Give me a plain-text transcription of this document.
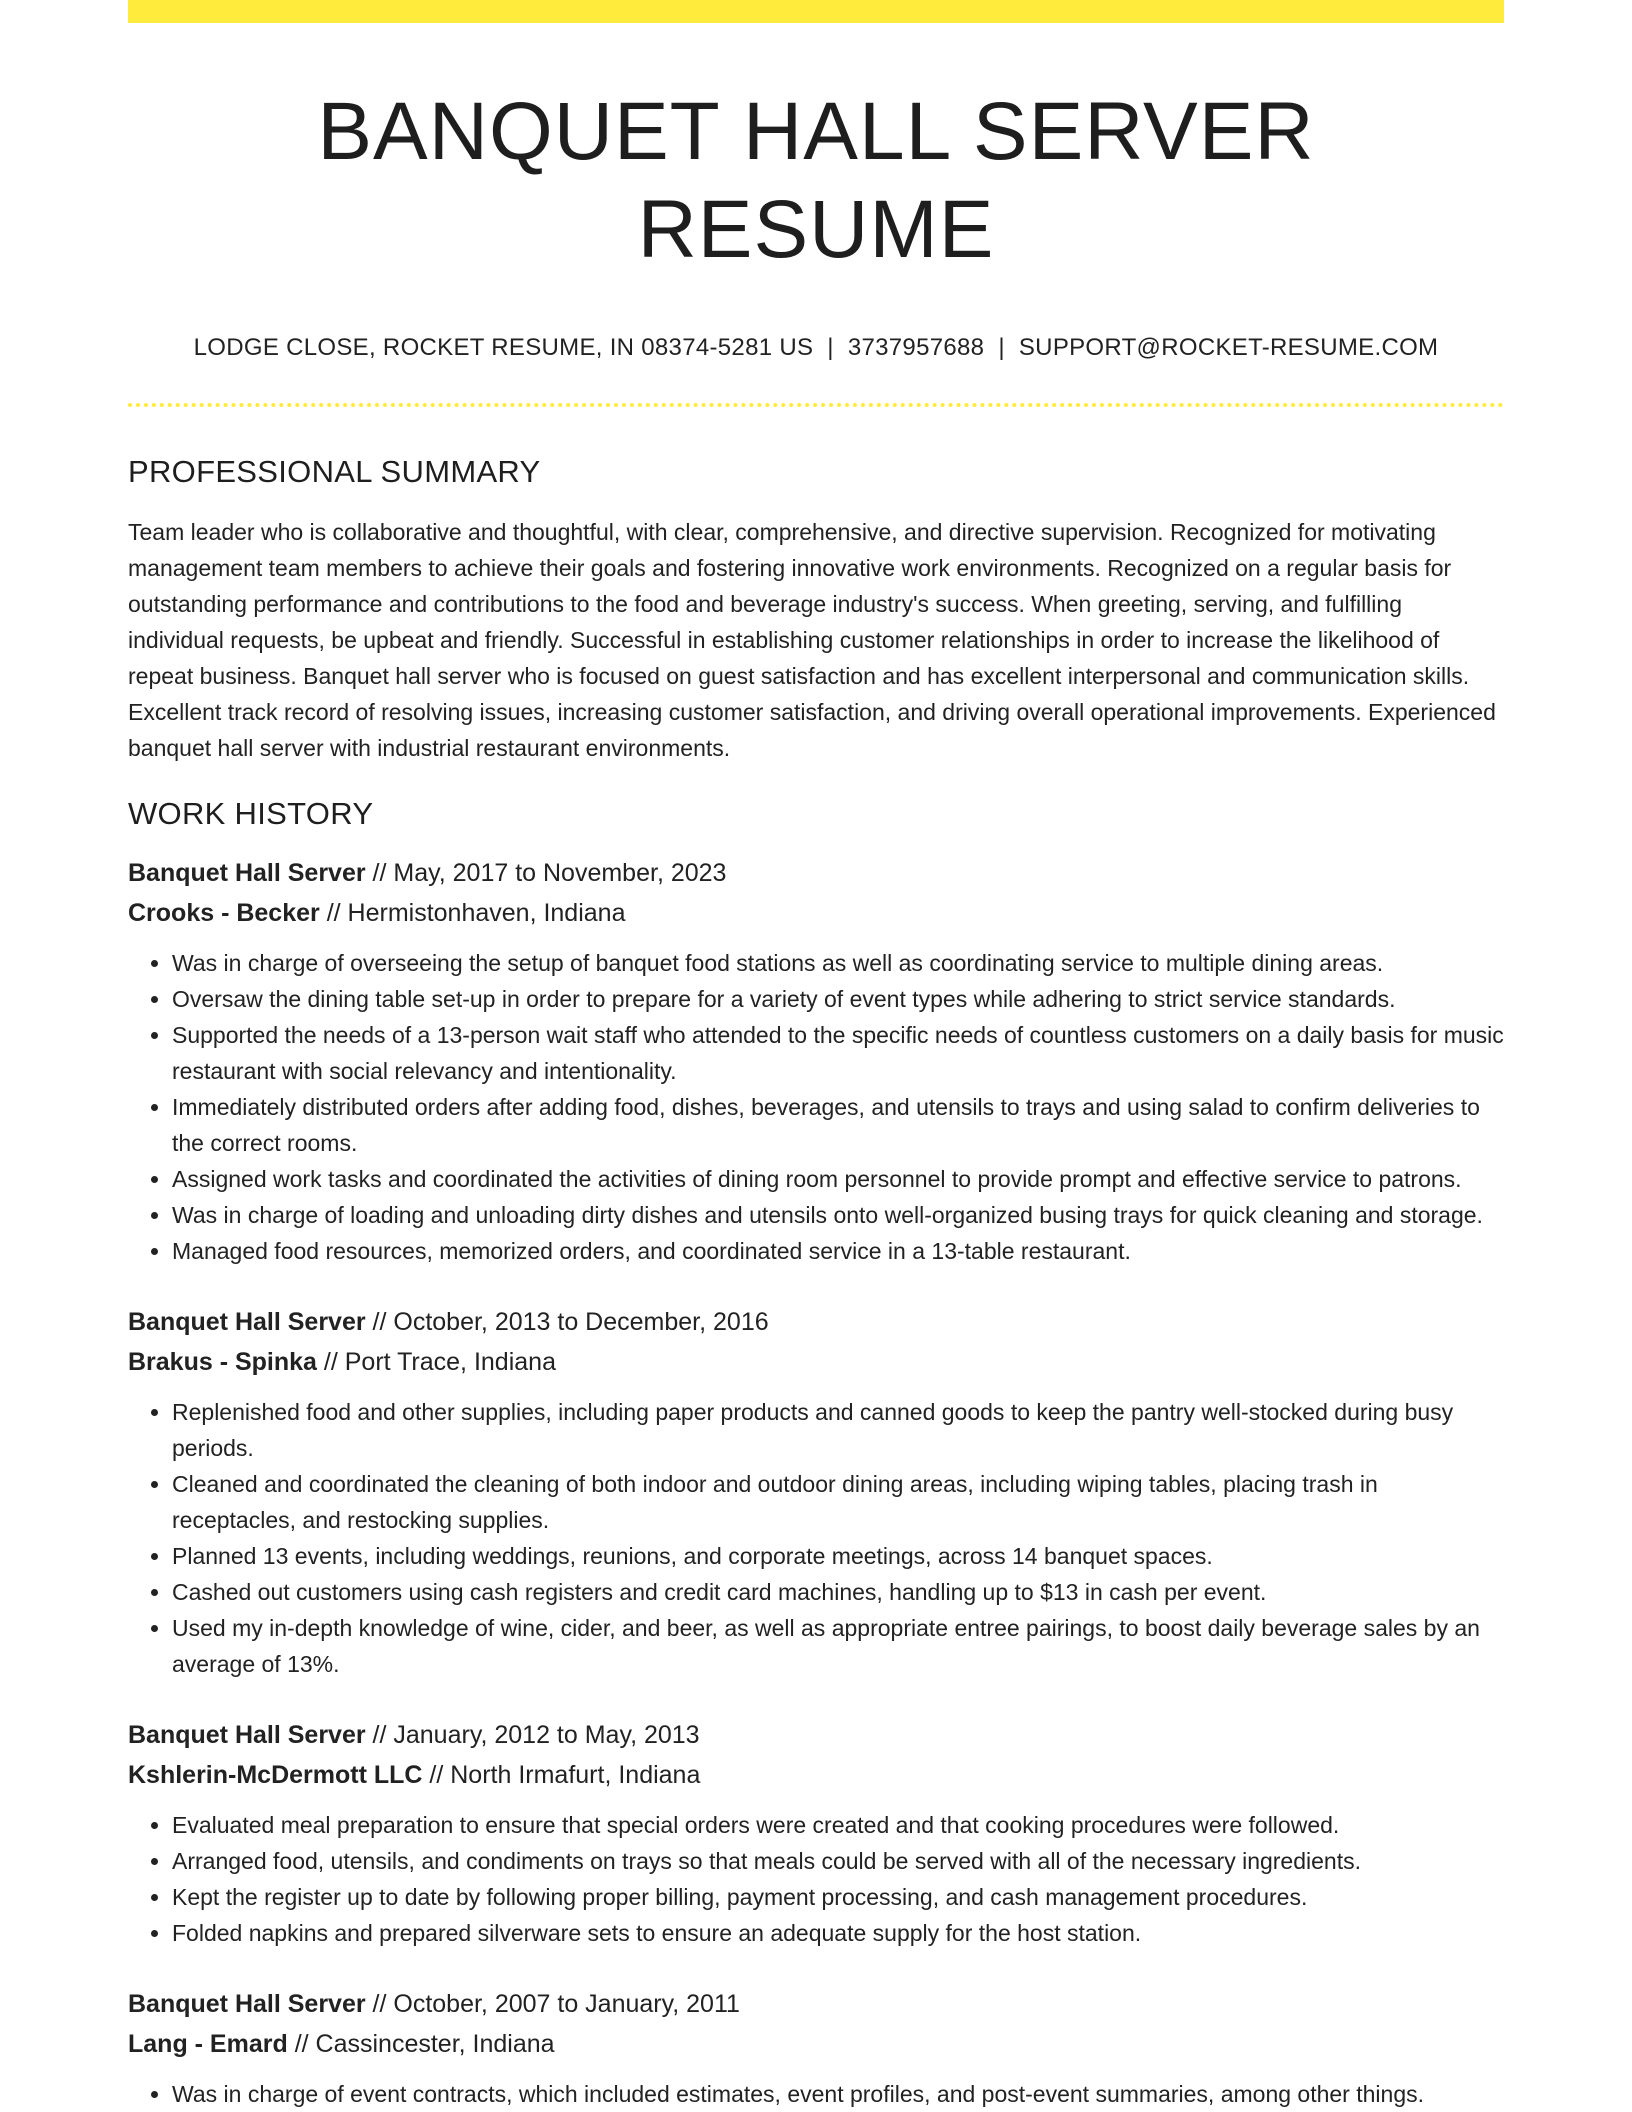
BANQUET HALL SERVER RESUME
LODGE CLOSE, ROCKET RESUME, IN 08374-5281 US | 3737957688 | SUPPORT@ROCKET-RESUME.COM
PROFESSIONAL SUMMARY

Team leader who is collaborative and thoughtful, with clear, comprehensive, and directive supervision. Recognized for motivating management team members to achieve their goals and fostering innovative work environments. Recognized on a regular basis for outstanding performance and contributions to the food and beverage industry's success. When greeting, serving, and fulfilling individual requests, be upbeat and friendly. Successful in establishing customer relationships in order to increase the likelihood of repeat business. Banquet hall server who is focused on guest satisfaction and has excellent interpersonal and communication skills. Excellent track record of resolving issues, increasing customer satisfaction, and driving overall operational improvements. Experienced banquet hall server with industrial restaurant environments.

WORK HISTORY
Banquet Hall Server // May, 2017 to November, 2023
Crooks - Becker // Hermistonhaven, Indiana
• Was in charge of overseeing the setup of banquet food stations as well as coordinating service to multiple dining areas.
• Oversaw the dining table set-up in order to prepare for a variety of event types while adhering to strict service standards.
• Supported the needs of a 13-person wait staff who attended to the specific needs of countless customers on a daily basis for music restaurant with social relevancy and intentionality.
• Immediately distributed orders after adding food, dishes, beverages, and utensils to trays and using salad to confirm deliveries to the correct rooms.
• Assigned work tasks and coordinated the activities of dining room personnel to provide prompt and effective service to patrons.
• Was in charge of loading and unloading dirty dishes and utensils onto well-organized busing trays for quick cleaning and storage.
• Managed food resources, memorized orders, and coordinated service in a 13-table restaurant.
Banquet Hall Server // October, 2013 to December, 2016
Brakus - Spinka // Port Trace, Indiana
• Replenished food and other supplies, including paper products and canned goods to keep the pantry well-stocked during busy periods.
• Cleaned and coordinated the cleaning of both indoor and outdoor dining areas, including wiping tables, placing trash in receptacles, and restocking supplies.
• Planned 13 events, including weddings, reunions, and corporate meetings, across 14 banquet spaces.
• Cashed out customers using cash registers and credit card machines, handling up to $13 in cash per event.
• Used my in-depth knowledge of wine, cider, and beer, as well as appropriate entree pairings, to boost daily beverage sales by an average of 13%.
Banquet Hall Server // January, 2012 to May, 2013
Kshlerin-McDermott LLC // North Irmafurt, Indiana
• Evaluated meal preparation to ensure that special orders were created and that cooking procedures were followed.
• Arranged food, utensils, and condiments on trays so that meals could be served with all of the necessary ingredients.
• Kept the register up to date by following proper billing, payment processing, and cash management procedures.
• Folded napkins and prepared silverware sets to ensure an adequate supply for the host station.
Banquet Hall Server // October, 2007 to January, 2011
Lang - Emard // Cassincester, Indiana
• Was in charge of event contracts, which included estimates, event profiles, and post-event summaries, among other things.
